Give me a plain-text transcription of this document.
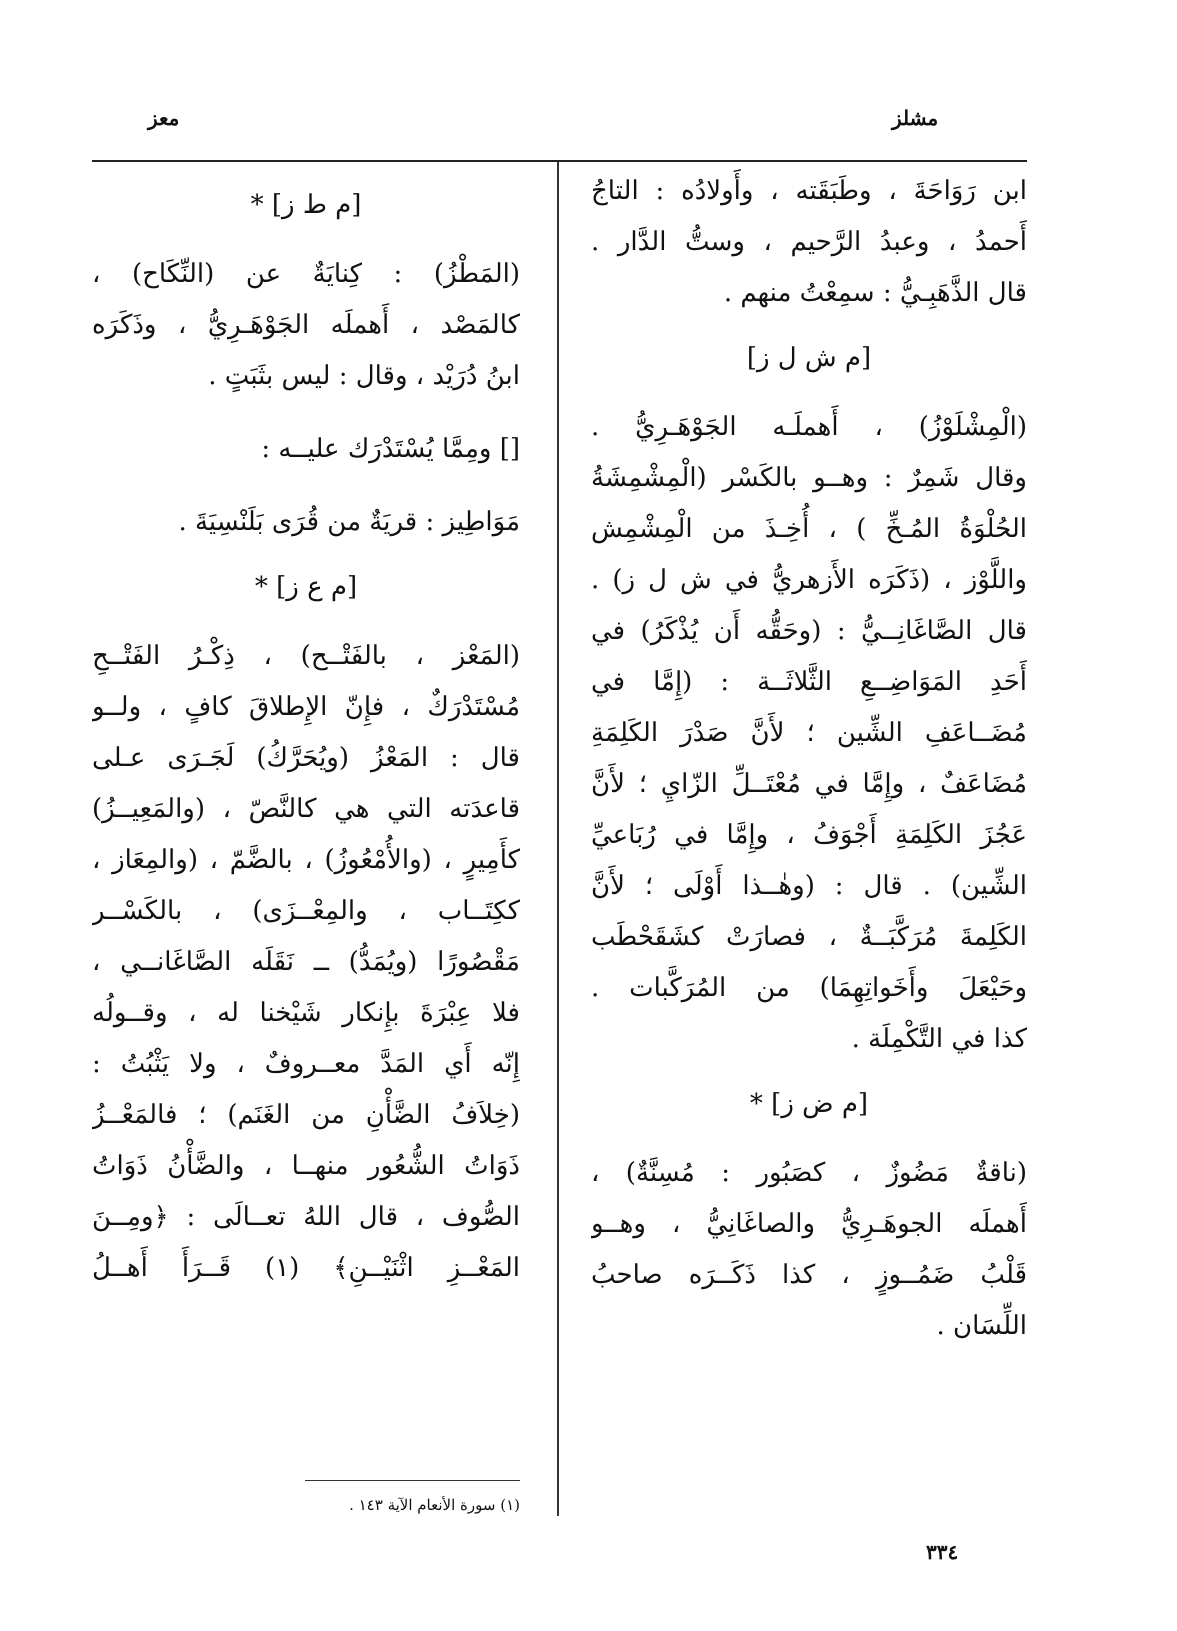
مشلز
معز
ابن رَوَاحَةَ ، وطَبَقَته ، وأَولادُه : التاجُ
أَحمدُ ، وعبدُ الرَّحيم ، وستُّ الدَّار .
قال الذَّهَبِـيُّ : سمِعْتُ منهم .
[م ش ل ز]
(الْمِشْلَوْزُ) ، أَهملَـه الجَوْهَـرِيُّ .
وقال شَمِرٌ : وهــو بالكَسْر (الْمِشْمِشَةُ
الحُلْوَةُ المُـخِّ ) ، أُخِـذَ من الْمِشْمِش
واللَّوْز ، (ذَكَرَه الأَزهريُّ في ش ل ز) .
قال الصَّاغَانِــيُّ : (وحَقُّه أَن يُذْكَرُ) في
أَحَدِ المَوَاضِــعِ الثَّلاثَــة : (إِمَّا في
مُضَــاعَفِ الشِّين ؛ لأَنَّ صَدْرَ الكَلِمَةِ
مُضَاعَفٌ ، وإِمَّا في مُعْتَــلِّ الزّايِ ؛ لأَنَّ
عَجُزَ الكَلِمَةِ أَجْوَفُ ، وإِمَّا في رُبَاعيِّ
الشِّين) . قال : (وهٰــذا أَوْلَى ؛ لأَنَّ
الكَلِمةَ مُرَكَّبَــةٌ ، فصارَتْ كشَقَحْطَب
وحَيْعَلَ وأَخَواتِهِمَا) من المُرَكَّبات .
كذا في التَّكْمِلَة .
[م ض ز] *
(ناقةٌ مَضُوزٌ ، كصَبُور : مُسِنَّةٌ) ،
أَهملَه الجوهَـرِيُّ والصاغَانِيُّ ، وهــو
قَلْبُ ضَمُــوزٍ ، كذا ذَكَــرَه صاحبُ
اللِّسَان .
[م ط ز] *
(المَطْزُ) : كِنايَةٌ عن (النِّكَاح) ،
كالمَصْد ، أَهملَه الجَوْهَـرِيُّ ، وذَكَرَه
ابنُ دُرَيْد ، وقال : ليس بثَبَتٍ .
[] ومِمَّا يُسْتَدْرَك عليــه :
مَوَاطِيز : قريَةٌ من قُرَى بَلَنْسِيَةَ .
[م ع ز] *
(المَعْز ، بالفَتْــح) ، ذِكْـرُ الفَتْــحِ
مُسْتَدْرَكٌ ، فإِنّ الإِطلاقَ كافٍ ، ولــو
قال : المَعْزُ (ويُحَرَّكُ) لَجَـرَى عـلى
قاعدَته التي هي كالنَّصّ ، (والمَعِيــزُ)
كأَمِيرٍ ، (والأُمْعُوزُ) ، بالضَّمّ ، (والمِعَاز ،
ككِتَــاب ، والمِعْــزَى) ، بالكَسْــر
مَقْصُورًا (ويُمَدُّ) ــ نَقَلَه الصَّاغَانــي ،
فلا عِبْرَةَ بإِنكار شَيْخنا له ، وقــولُه
إِنّه أَي المَدَّ معــروفٌ ، ولا يَثْبُتُ :
(خِلاَفُ الضَّأْنِ من الغَنَم) ؛ فالمَعْــزُ
ذَوَاتُ الشُّعُور منهــا ، والضَّأْنُ ذَوَاتُ
الصُّوف ، قال اللهُ تعــالَى : ﴿ومِــنَ
المَعْــزِ اثْنَيْــنِ﴾ (١) قَــرَأَ أَهــلُ
(١) سورة الأنعام الآية ١٤٣ .
٣٣٤
